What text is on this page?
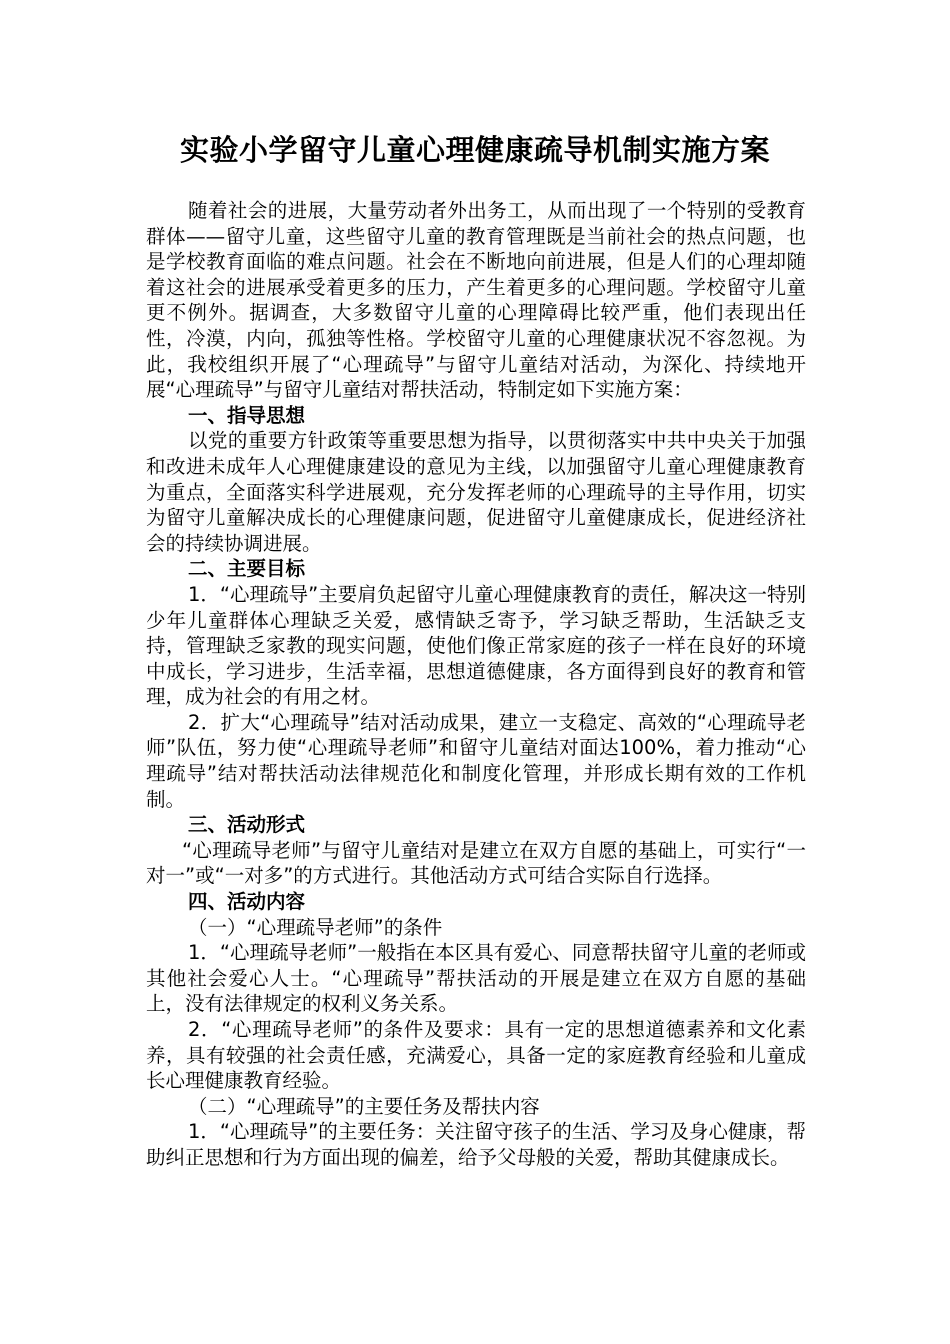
实验小学留守儿童心理健康疏导机制实施方案

随着社会的进展，大量劳动者外出务工，从而出现了一个特别的受教育群体——留守儿童，这些留守儿童的教育管理既是当前社会的热点问题，也是学校教育面临的难点问题。社会在不断地向前进展，但是人们的心理却随着这社会的进展承受着更多的压力，产生着更多的心理问题。学校留守儿童更不例外。据调查，大多数留守儿童的心理障碍比较严重，他们表现出任性，冷漠，内向，孤独等性格。学校留守儿童的心理健康状况不容忽视。为此，我校组织开展了“心理疏导”与留守儿童结对活动，为深化、持续地开展“心理疏导”与留守儿童结对帮扶活动，特制定如下实施方案：

一、指导思想

以党的重要方针政策等重要思想为指导，以贯彻落实中共中央关于加强和改进未成年人心理健康建设的意见为主线，以加强留守儿童心理健康教育为重点，全面落实科学进展观，充分发挥老师的心理疏导的主导作用，切实为留守儿童解决成长的心理健康问题，促进留守儿童健康成长，促进经济社会的持续协调进展。

二、主要目标

1．“心理疏导”主要肩负起留守儿童心理健康教育的责任，解决这一特别少年儿童群体心理缺乏关爱，感情缺乏寄予，学习缺乏帮助，生活缺乏支持，管理缺乏家教的现实问题，使他们像正常家庭的孩子一样在良好的环境中成长，学习进步，生活幸福，思想道德健康，各方面得到良好的教育和管理，成为社会的有用之材。

2．扩大“心理疏导”结对活动成果，建立一支稳定、高效的“心理疏导老师”队伍，努力使“心理疏导老师”和留守儿童结对面达100%，着力推动“心理疏导”结对帮扶活动法律规范化和制度化管理，并形成长期有效的工作机制。

三、活动形式

“心理疏导老师”与留守儿童结对是建立在双方自愿的基础上，可实行“一对一”或“一对多”的方式进行。其他活动方式可结合实际自行选择。

四、活动内容

（一）“心理疏导老师”的条件

1．“心理疏导老师”一般指在本区具有爱心、同意帮扶留守儿童的老师或其他社会爱心人士。“心理疏导”帮扶活动的开展是建立在双方自愿的基础上，没有法律规定的权利义务关系。

2．“心理疏导老师”的条件及要求：具有一定的思想道德素养和文化素养，具有较强的社会责任感，充满爱心，具备一定的家庭教育经验和儿童成长心理健康教育经验。

（二）“心理疏导”的主要任务及帮扶内容

1．“心理疏导”的主要任务：关注留守孩子的生活、学习及身心健康，帮助纠正思想和行为方面出现的偏差，给予父母般的关爱，帮助其健康成长。
